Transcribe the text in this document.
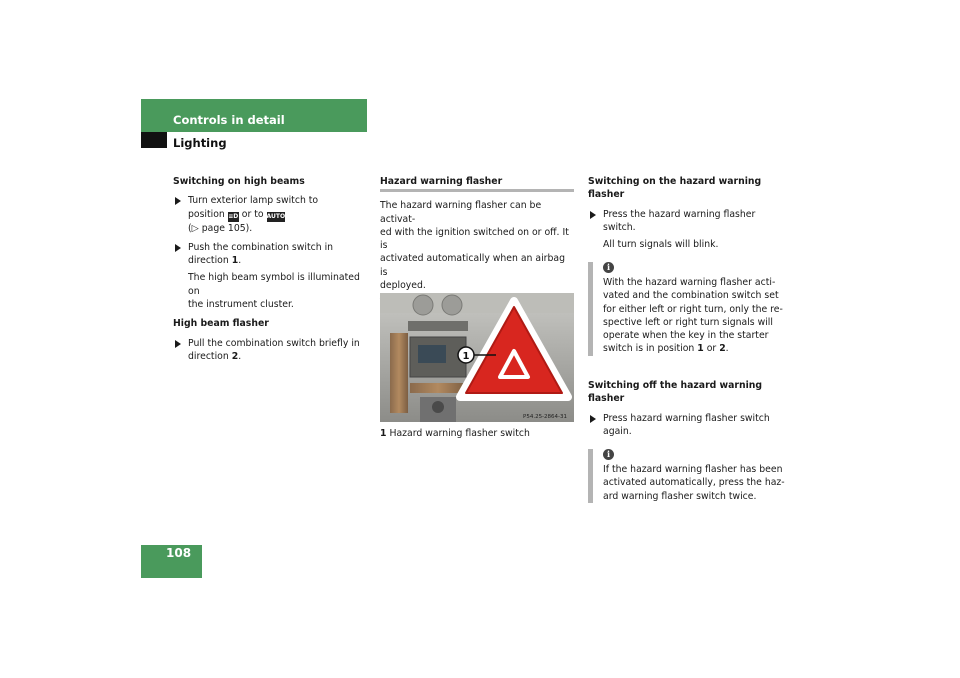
Controls in detail
Lighting
108

Switching on high beams

Turn exterior lamp switch to

position ≡D or to AUTO

(▷ page 105).

Push the combination switch in

direction 1.

The high beam symbol is illuminated on

the instrument cluster.

High beam flasher

Pull the combination switch briefly in

direction 2.

Hazard warning flasher

The hazard warning flasher can be activat-

ed with the ignition switched on or off. It is

activated automatically when an airbag is

deployed.

1
P54.25-2864-31

1 Hazard warning flasher switch

Switching on the hazard warning

flasher

Press the hazard warning flasher

switch.

All turn signals will blink.

i

With the hazard warning flasher acti-

vated and the combination switch set

for either left or right turn, only the re-

spective left or right turn signals will

operate when the key in the starter

switch is in position 1 or 2.

Switching off the hazard warning

flasher

Press hazard warning flasher switch

again.

i

If the hazard warning flasher has been

activated automatically, press the haz-

ard warning flasher switch twice.
